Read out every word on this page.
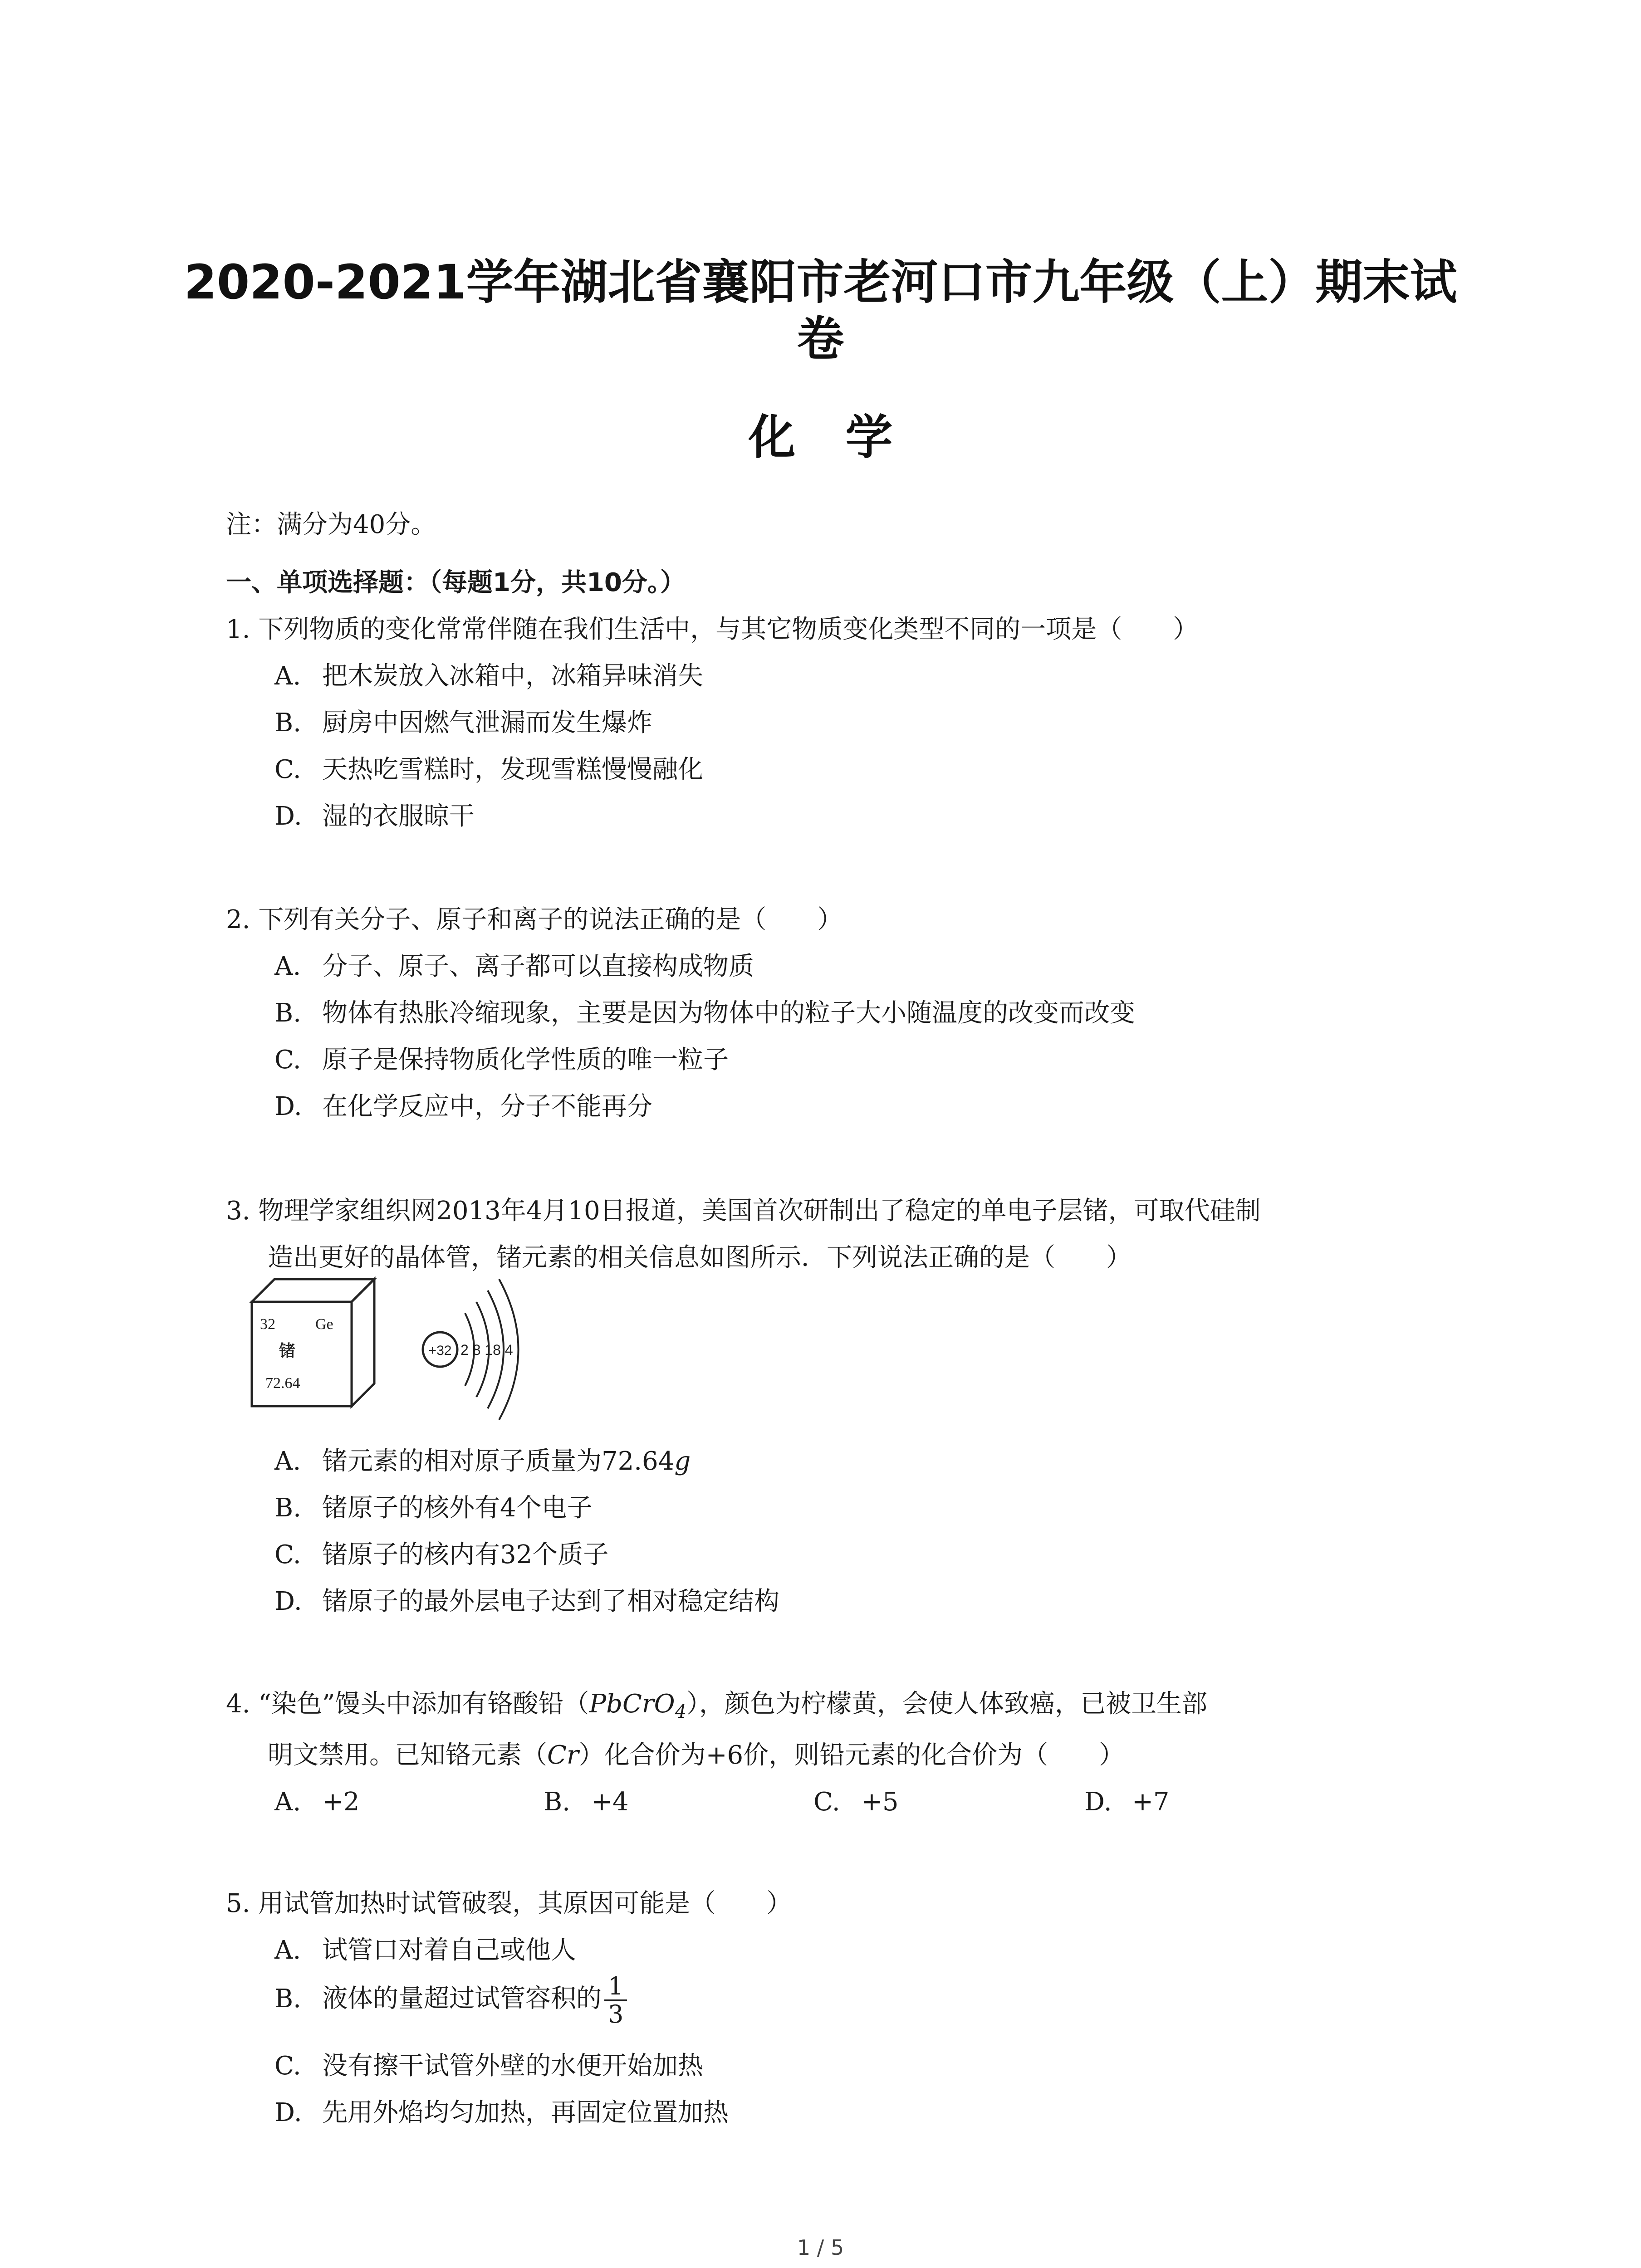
2020-2021学年湖北省襄阳市老河口市九年级（上）期末试卷
化学
注：满分为40分。
一、单项选择题：（每题1分，共10分。）
1. 下列物质的变化常常伴随在我们生活中，与其它物质变化类型不同的一项是（　　）
A. 把木炭放入冰箱中，冰箱异味消失
B. 厨房中因燃气泄漏而发生爆炸
C. 天热吃雪糕时，发现雪糕慢慢融化
D. 湿的衣服晾干
2. 下列有关分子、原子和离子的说法正确的是（　　）
A. 分子、原子、离子都可以直接构成物质
B. 物体有热胀冷缩现象，主要是因为物体中的粒子大小随温度的改变而改变
C. 原子是保持物质化学性质的唯一粒子
D. 在化学反应中，分子不能再分
3. 物理学家组织网2013年4月10日报道，美国首次研制出了稳定的单电子层锗，可取代硅制
造出更好的晶体管，锗元素的相关信息如图所示．下列说法正确的是（　　）
32	Ge
锗
72.64
+32 2 8 18 4
A. 锗元素的相对原子质量为72.64g
B. 锗原子的核外有4个电子
C. 锗原子的核内有32个质子
D. 锗原子的最外层电子达到了相对稳定结构
4. “染色”馒头中添加有铬酸铅（PbCrO$_4$），颜色为柠檬黄，会使人体致癌，已被卫生部
明文禁用。已知铬元素（Cr）化合价为+6价，则铅元素的化合价为（　　）
A. +2	B. +4	C. +5	D. +7
5. 用试管加热时试管破裂，其原因可能是（　　）
A. 试管口对着自己或他人
B. 液体的量超过试管容积的 $\frac{1}{3}$
C. 没有擦干试管外壁的水便开始加热
D. 先用外焰均匀加热，再固定位置加热
1 / 5
